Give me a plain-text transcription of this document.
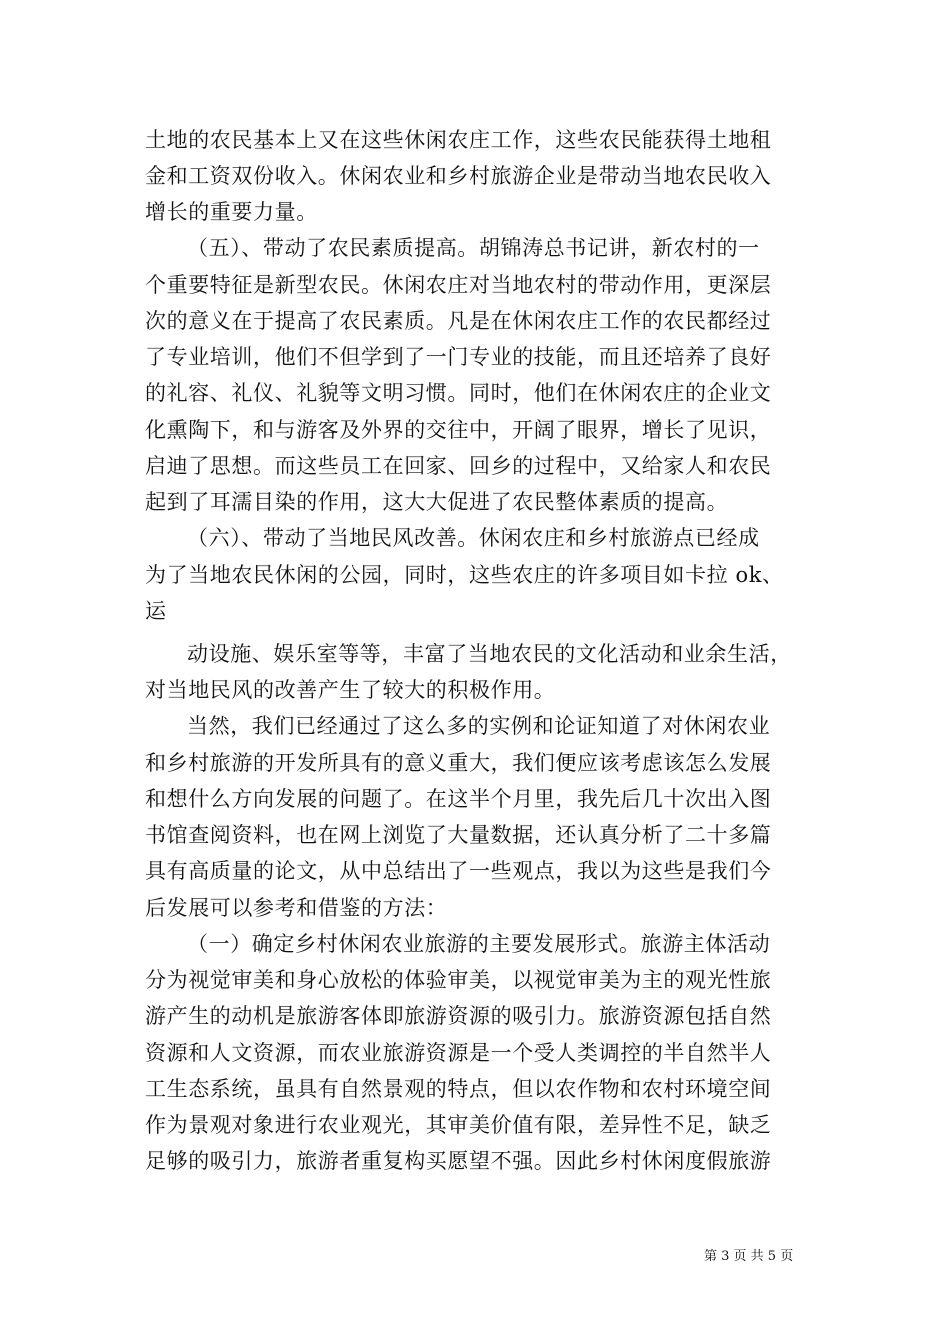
土地的农民基本上又在这些休闲农庄工作，这些农民能获得土地租
金和工资双份收入。休闲农业和乡村旅游企业是带动当地农民收入
增长的重要力量。
（五）、带动了农民素质提高。胡锦涛总书记讲，新农村的一
个重要特征是新型农民。休闲农庄对当地农村的带动作用，更深层
次的意义在于提高了农民素质。凡是在休闲农庄工作的农民都经过
了专业培训，他们不但学到了一门专业的技能，而且还培养了良好
的礼容、礼仪、礼貌等文明习惯。同时，他们在休闲农庄的企业文
化熏陶下，和与游客及外界的交往中，开阔了眼界，增长了见识，
启迪了思想。而这些员工在回家、回乡的过程中，又给家人和农民
起到了耳濡目染的作用，这大大促进了农民整体素质的提高。
（六）、带动了当地民风改善。休闲农庄和乡村旅游点已经成
为了当地农民休闲的公园，同时，这些农庄的许多项目如卡拉 ok、
运
动设施、娱乐室等等，丰富了当地农民的文化活动和业余生活，
对当地民风的改善产生了较大的积极作用。
当然，我们已经通过了这么多的实例和论证知道了对休闲农业
和乡村旅游的开发所具有的意义重大，我们便应该考虑该怎么发展
和想什么方向发展的问题了。在这半个月里，我先后几十次出入图
书馆查阅资料，也在网上浏览了大量数据，还认真分析了二十多篇
具有高质量的论文，从中总结出了一些观点，我以为这些是我们今
后发展可以参考和借鉴的方法：
（一）确定乡村休闲农业旅游的主要发展形式。旅游主体活动
分为视觉审美和身心放松的体验审美，以视觉审美为主的观光性旅
游产生的动机是旅游客体即旅游资源的吸引力。旅游资源包括自然
资源和人文资源，而农业旅游资源是一个受人类调控的半自然半人
工生态系统，虽具有自然景观的特点，但以农作物和农村环境空间
作为景观对象进行农业观光，其审美价值有限，差异性不足，缺乏
足够的吸引力，旅游者重复构买愿望不强。因此乡村休闲度假旅游
第 3 页 共 5 页
